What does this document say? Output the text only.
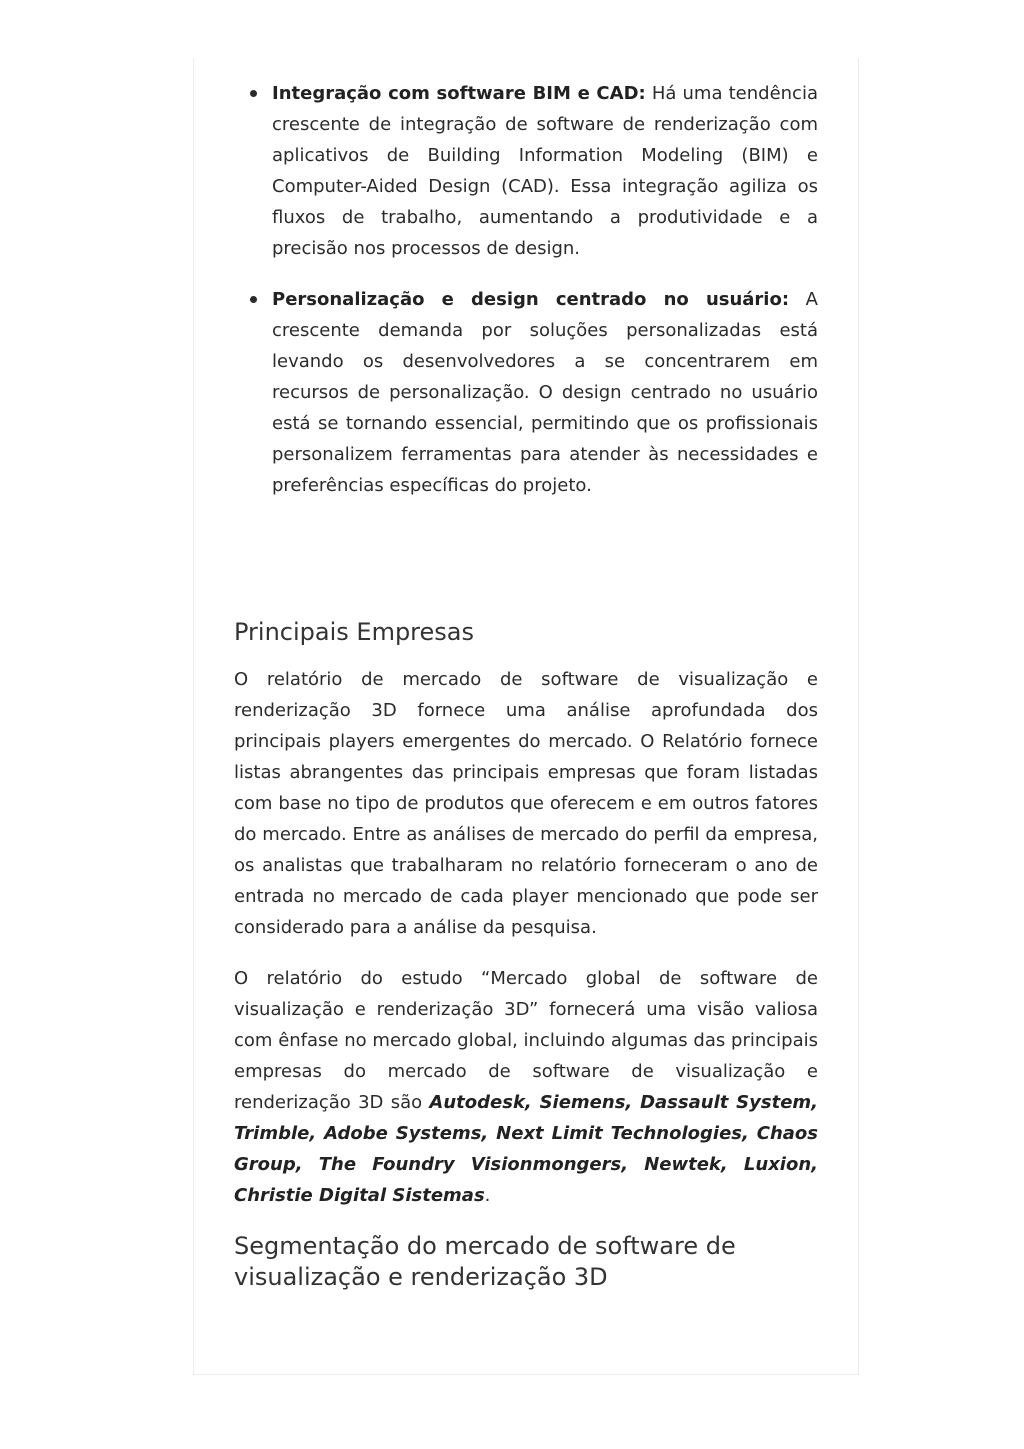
Integração com software BIM e CAD: Há uma tendência crescente de integração de software de renderização com aplicativos de Building Information Modeling (BIM) e Computer-Aided Design (CAD). Essa integração agiliza os fluxos de trabalho, aumentando a produtividade e a precisão nos processos de design.
Personalização e design centrado no usuário: A crescente demanda por soluções personalizadas está levando os desenvolvedores a se concentrarem em recursos de personalização. O design centrado no usuário está se tornando essencial, permitindo que os profissionais personalizem ferramentas para atender às necessidades e preferências específicas do projeto.
Principais Empresas

O relatório de mercado de software de visualização e renderização 3D fornece uma análise aprofundada dos principais players emergentes do mercado. O Relatório fornece listas abrangentes das principais empresas que foram listadas com base no tipo de produtos que oferecem e em outros fatores do mercado. Entre as análises de mercado do perfil da empresa, os analistas que trabalharam no relatório forneceram o ano de entrada no mercado de cada player mencionado que pode ser considerado para a análise da pesquisa.

O relatório do estudo “Mercado global de software de visualização e renderização 3D” fornecerá uma visão valiosa com ênfase no mercado global, incluindo algumas das principais empresas do mercado de software de visualização e renderização 3D são Autodesk, Siemens, Dassault System, Trimble, Adobe Systems, Next Limit Technologies, Chaos Group, The Foundry Visionmongers, Newtek, Luxion, Christie Digital Sistemas.

Segmentação do mercado de software de visualização e renderização 3D
